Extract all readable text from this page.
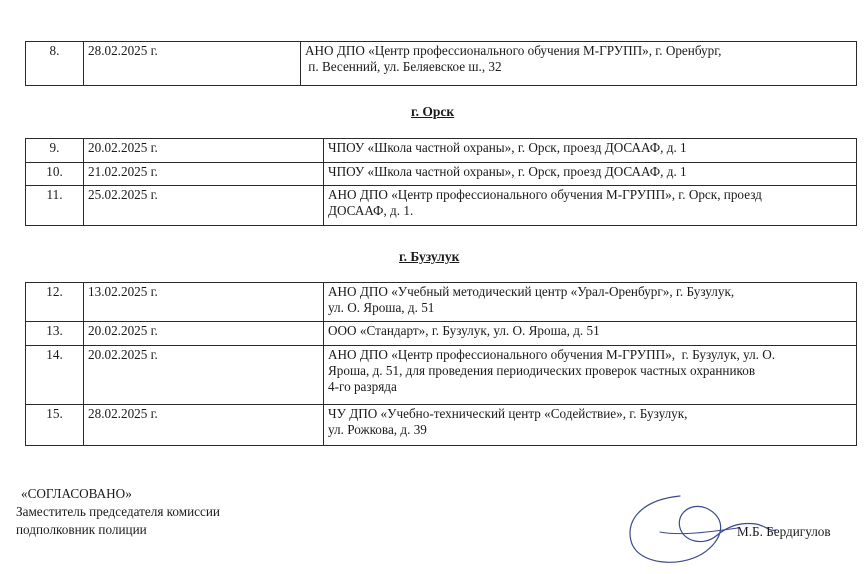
8.	28.02.2025 г.	АНО ДПО «Центр профессионального обучения М-ГРУПП», г. Оренбург,
п. Весенний, ул. Беляевское ш., 32
г. Орск
9.	20.02.2025 г.	ЧПОУ «Школа частной охраны», г. Орск, проезд ДОСААФ, д. 1

10.	21.02.2025 г.	ЧПОУ «Школа частной охраны», г. Орск, проезд ДОСААФ, д. 1

11.	25.02.2025 г.	АНО ДПО «Центр профессионального обучения М-ГРУПП», г. Орск, проезд
ДОСААФ, д. 1.
г. Бузулук
12.	13.02.2025 г.	АНО ДПО «Учебный методический центр «Урал-Оренбург», г. Бузулук,
ул. О. Яроша, д. 51

13.	20.02.2025 г.	ООО «Стандарт», г. Бузулук, ул. О. Яроша, д. 51

14.	20.02.2025 г.	АНО ДПО «Центр профессионального обучения М-ГРУПП»,  г. Бузулук, ул. О.
Яроша, д. 51, для проведения периодических проверок частных охранников
4-го разряда

15.	28.02.2025 г.	ЧУ ДПО «Учебно-технический центр «Содействие», г. Бузулук,
ул. Рожкова, д. 39
«СОГЛАСОВАНО»
Заместитель председателя комиссии
подполковник полиции	М.Б. Бердигулов
